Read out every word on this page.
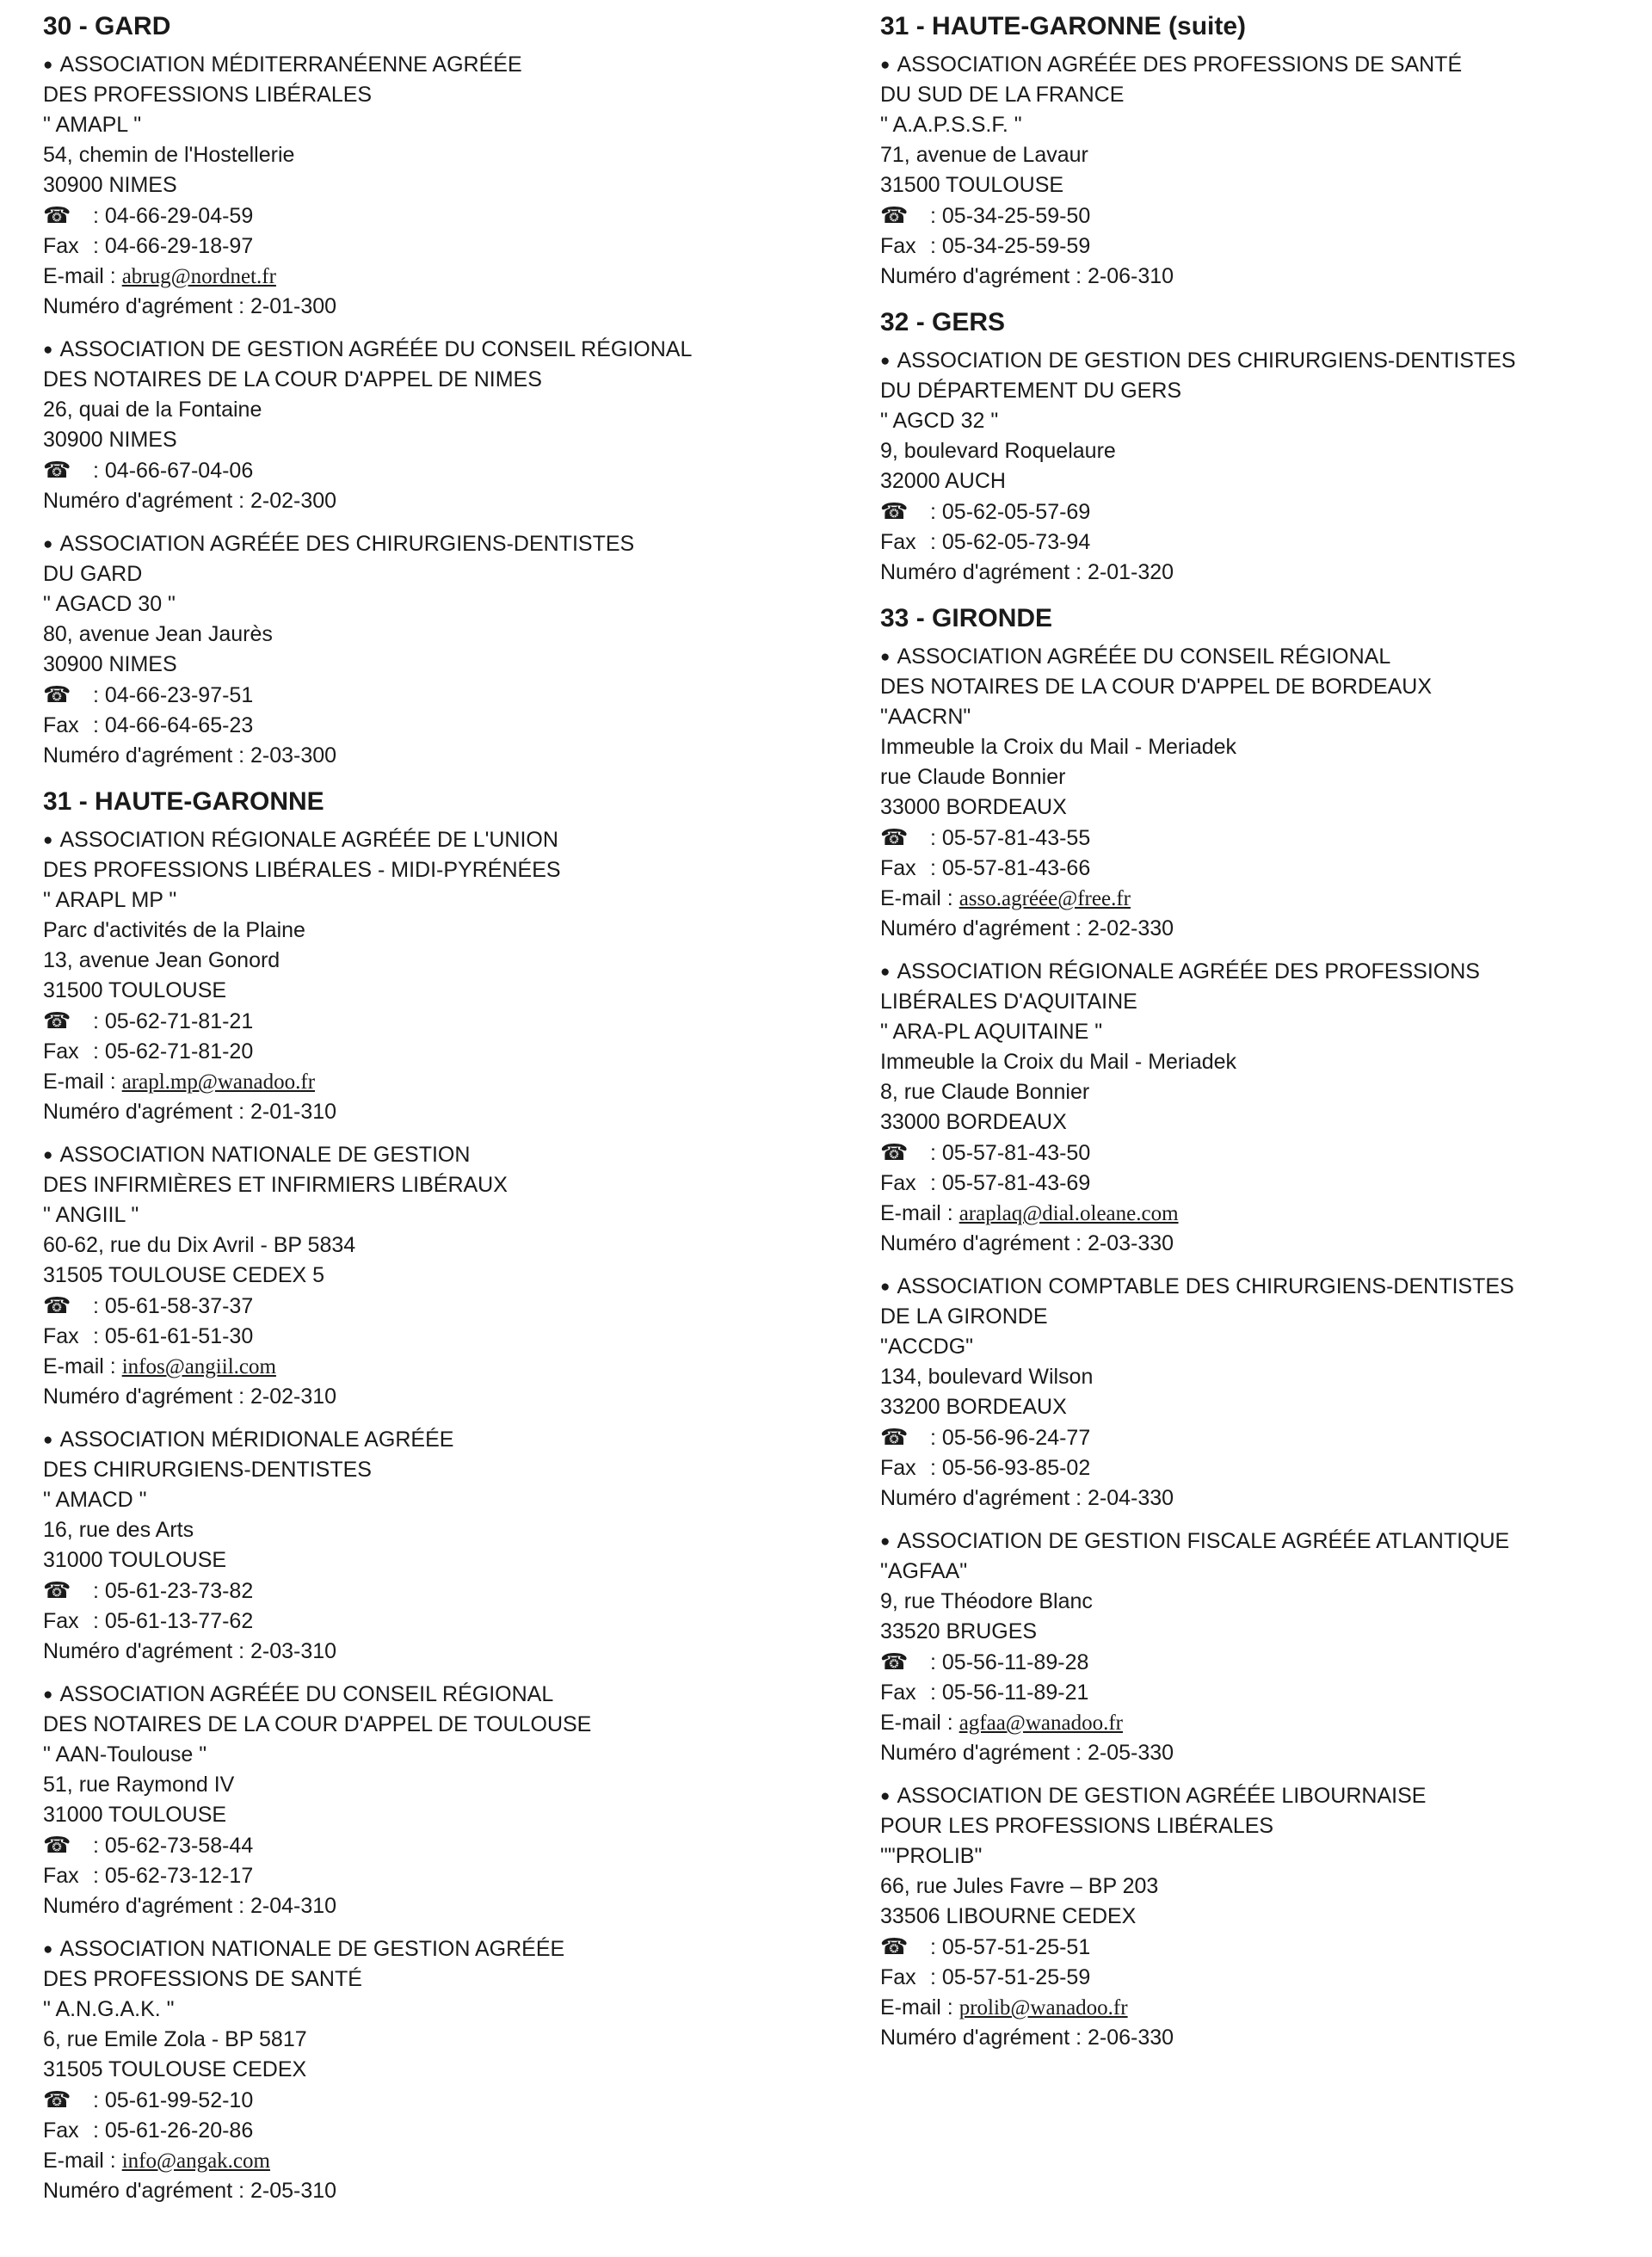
30 - GARD
● ASSOCIATION MÉDITERRANÉENNE AGRÉÉE
DES PROFESSIONS LIBÉRALES
" AMAPL "
54, chemin de l'Hostellerie
30900 NIMES
☎ : 04-66-29-04-59
Fax : 04-66-29-18-97
E-mail : abrug@nordnet.fr
Numéro d'agrément : 2-01-300
● ASSOCIATION DE GESTION AGRÉÉE DU CONSEIL RÉGIONAL
DES NOTAIRES DE LA COUR D'APPEL DE NIMES
26, quai de la Fontaine
30900 NIMES
☎ : 04-66-67-04-06
Numéro d'agrément : 2-02-300
● ASSOCIATION AGRÉÉE DES CHIRURGIENS-DENTISTES
DU GARD
" AGACD 30 "
80, avenue Jean Jaurès
30900 NIMES
☎ : 04-66-23-97-51
Fax : 04-66-64-65-23
Numéro d'agrément : 2-03-300
31 - HAUTE-GARONNE
● ASSOCIATION RÉGIONALE AGRÉÉE DE L'UNION
DES PROFESSIONS LIBÉRALES - MIDI-PYRÉNÉES
" ARAPL MP "
Parc d'activités de la Plaine
13, avenue Jean Gonord
31500 TOULOUSE
☎ : 05-62-71-81-21
Fax : 05-62-71-81-20
E-mail : arapl.mp@wanadoo.fr
Numéro d'agrément : 2-01-310
● ASSOCIATION NATIONALE DE GESTION
DES INFIRMIÈRES ET INFIRMIERS LIBÉRAUX
" ANGIIL "
60-62, rue du Dix Avril - BP 5834
31505 TOULOUSE CEDEX 5
☎ : 05-61-58-37-37
Fax : 05-61-61-51-30
E-mail : infos@angiil.com
Numéro d'agrément : 2-02-310
● ASSOCIATION MÉRIDIONALE AGRÉÉE
DES CHIRURGIENS-DENTISTES
" AMACD "
16, rue des Arts
31000 TOULOUSE
☎ : 05-61-23-73-82
Fax : 05-61-13-77-62
Numéro d'agrément : 2-03-310
● ASSOCIATION AGRÉÉE DU CONSEIL RÉGIONAL
DES NOTAIRES DE LA COUR D'APPEL DE TOULOUSE
" AAN-Toulouse "
51, rue Raymond IV
31000 TOULOUSE
☎ : 05-62-73-58-44
Fax : 05-62-73-12-17
Numéro d'agrément : 2-04-310
● ASSOCIATION NATIONALE DE GESTION AGRÉÉE
DES PROFESSIONS DE SANTÉ
" A.N.G.A.K. "
6, rue Emile Zola - BP 5817
31505 TOULOUSE CEDEX
☎ : 05-61-99-52-10
Fax : 05-61-26-20-86
E-mail : info@angak.com
Numéro d'agrément : 2-05-310
31 - HAUTE-GARONNE (suite)
● ASSOCIATION AGRÉÉE DES PROFESSIONS DE SANTÉ
DU SUD DE LA FRANCE
" A.A.P.S.S.F. "
71, avenue de Lavaur
31500 TOULOUSE
☎ : 05-34-25-59-50
Fax : 05-34-25-59-59
Numéro d'agrément : 2-06-310
32 - GERS
● ASSOCIATION DE GESTION DES CHIRURGIENS-DENTISTES
DU DÉPARTEMENT DU GERS
" AGCD 32 "
9, boulevard Roquelaure
32000 AUCH
☎ : 05-62-05-57-69
Fax : 05-62-05-73-94
Numéro d'agrément : 2-01-320
33 - GIRONDE
● ASSOCIATION AGRÉÉE DU CONSEIL RÉGIONAL
DES NOTAIRES DE LA COUR D'APPEL DE BORDEAUX
"AACRN"
Immeuble la Croix du Mail - Meriadek
rue Claude Bonnier
33000 BORDEAUX
☎ : 05-57-81-43-55
Fax : 05-57-81-43-66
E-mail : asso.agréée@free.fr
Numéro d'agrément : 2-02-330
● ASSOCIATION RÉGIONALE AGRÉÉE DES PROFESSIONS
LIBÉRALES D'AQUITAINE
" ARA-PL AQUITAINE "
Immeuble la Croix du Mail - Meriadek
8, rue Claude Bonnier
33000 BORDEAUX
☎ : 05-57-81-43-50
Fax : 05-57-81-43-69
E-mail : araplaq@dial.oleane.com
Numéro d'agrément : 2-03-330
● ASSOCIATION COMPTABLE DES CHIRURGIENS-DENTISTES
DE LA GIRONDE
"ACCDG"
134, boulevard Wilson
33200 BORDEAUX
☎ : 05-56-96-24-77
Fax : 05-56-93-85-02
Numéro d'agrément : 2-04-330
● ASSOCIATION DE GESTION FISCALE AGRÉÉE ATLANTIQUE
"AGFAA"
9, rue Théodore Blanc
33520 BRUGES
☎ : 05-56-11-89-28
Fax : 05-56-11-89-21
E-mail : agfaa@wanadoo.fr
Numéro d'agrément : 2-05-330
● ASSOCIATION DE GESTION AGRÉÉE LIBOURNAISE
POUR LES PROFESSIONS LIBÉRALES
""PROLIB"
66, rue Jules Favre – BP 203
33506 LIBOURNE CEDEX
☎ : 05-57-51-25-51
Fax : 05-57-51-25-59
E-mail : prolib@wanadoo.fr
Numéro d'agrément : 2-06-330
